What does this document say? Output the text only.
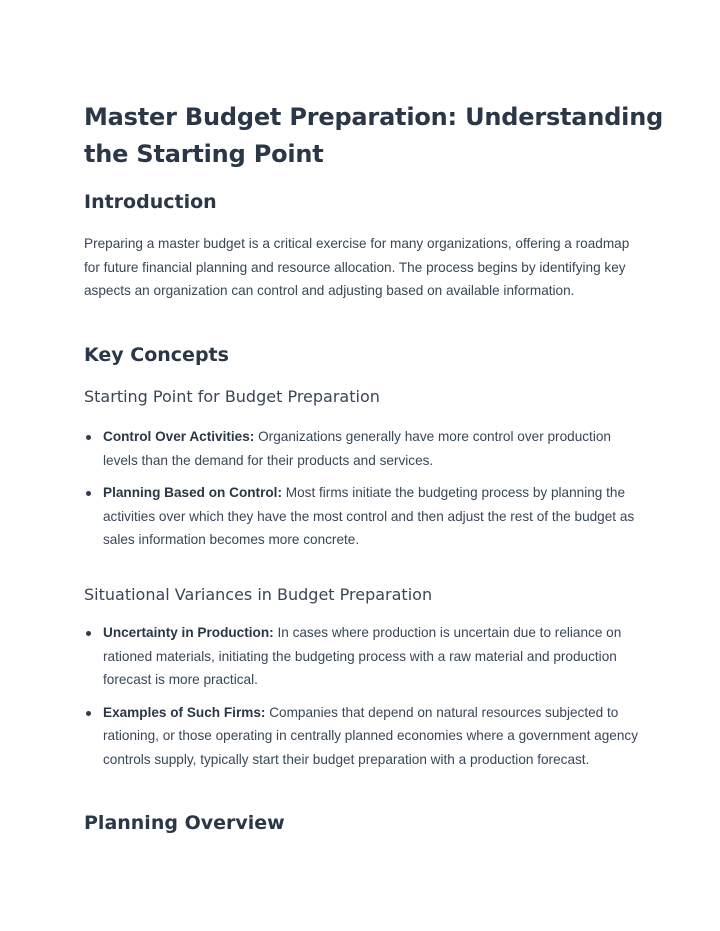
Master Budget Preparation: Understanding the Starting Point
Introduction

Preparing a master budget is a critical exercise for many organizations, offering a roadmap for future financial planning and resource allocation. The process begins by identifying key aspects an organization can control and adjusting based on available information.

Key Concepts
Starting Point for Budget Preparation
Control Over Activities: Organizations generally have more control over production levels than the demand for their products and services.
Planning Based on Control: Most firms initiate the budgeting process by planning the activities over which they have the most control and then adjust the rest of the budget as sales information becomes more concrete.
Situational Variances in Budget Preparation
Uncertainty in Production: In cases where production is uncertain due to reliance on rationed materials, initiating the budgeting process with a raw material and production forecast is more practical.
Examples of Such Firms: Companies that depend on natural resources subjected to rationing, or those operating in centrally planned economies where a government agency controls supply, typically start their budget preparation with a production forecast.
Planning Overview
